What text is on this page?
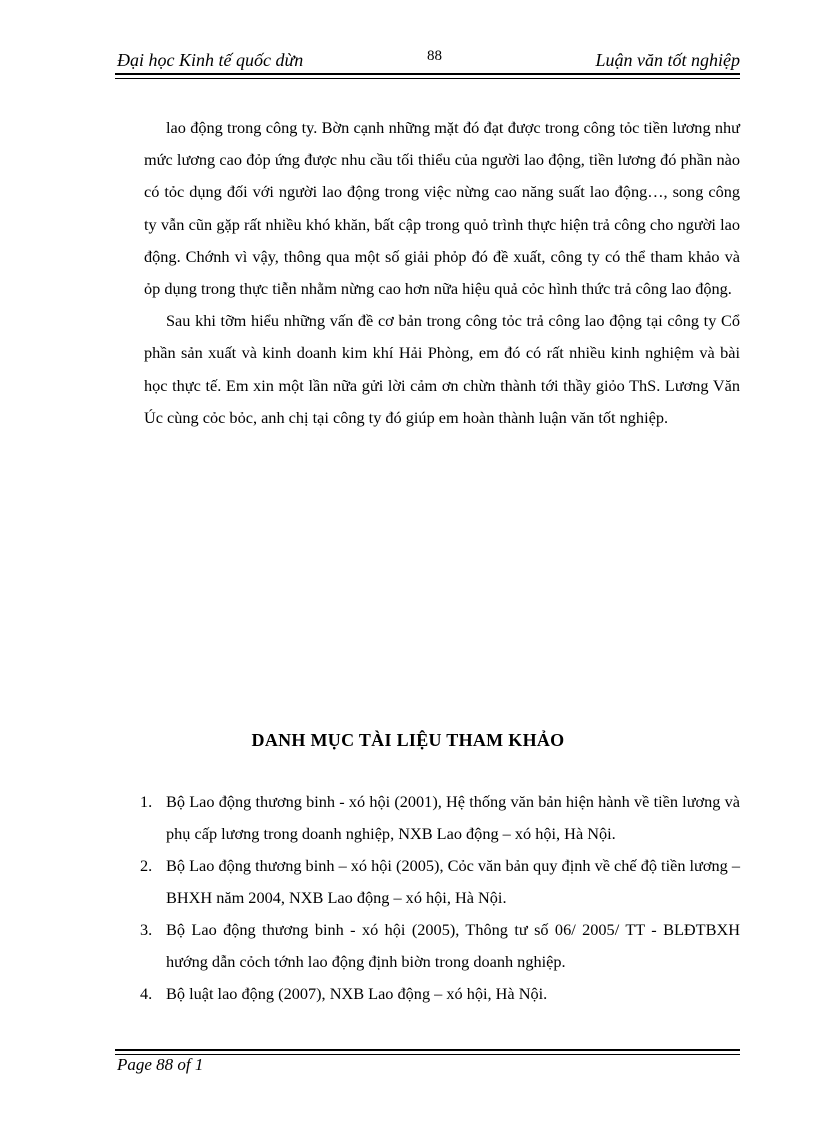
Đại học Kinh tế quốc dừn	88	Luận văn tốt nghiệp

lao động trong công ty. Bờn cạnh những mặt đó đạt được trong công tỏc tiền lương như mức lương cao đỏp ứng được nhu cầu tối thiểu của người lao động, tiền lương đó phần nào có tỏc dụng đối với người lao động trong việc nừng cao năng suất lao động…, song công ty vẫn cũn gặp rất nhiều khó khăn, bất cập trong quỏ trình thực hiện trả công cho người lao động. Chớnh vì vậy, thông qua một số giải phỏp đó đề xuất, công ty có thể tham khảo và ỏp dụng trong thực tiễn nhằm nừng cao hơn nữa hiệu quả cỏc hình thức trả công lao động.

Sau khi tỡm hiểu những vấn đề cơ bản trong công tỏc trả công lao động tại công ty Cổ phần sản xuất và kinh doanh kim khí Hải Phòng, em đó có rất nhiều kinh nghiệm và bài học thực tế. Em xin một lần nữa gửi lời cảm ơn chừn thành tới thầy giỏo ThS. Lương Văn Úc cùng cỏc bỏc, anh chị tại công ty đó giúp em hoàn thành luận văn tốt nghiệp.

DANH MỤC TÀI LIỆU THAM KHẢO
1. Bộ Lao động thương binh - xó hội (2001), Hệ thống văn bản hiện hành về tiền lương và phụ cấp lương trong doanh nghiệp, NXB Lao động – xó hội, Hà Nội.
2. Bộ Lao động thương binh – xó hội (2005), Cỏc văn bản quy định về chế độ tiền lương – BHXH năm 2004, NXB Lao động – xó hội, Hà Nội.
3. Bộ Lao động thương binh - xó hội (2005), Thông tư số 06/ 2005/ TT - BLĐTBXH hướng dẫn cỏch tớnh lao động định biờn trong doanh nghiệp.
4. Bộ luật lao động (2007), NXB Lao động – xó hội, Hà Nội.
Page 88 of 1
